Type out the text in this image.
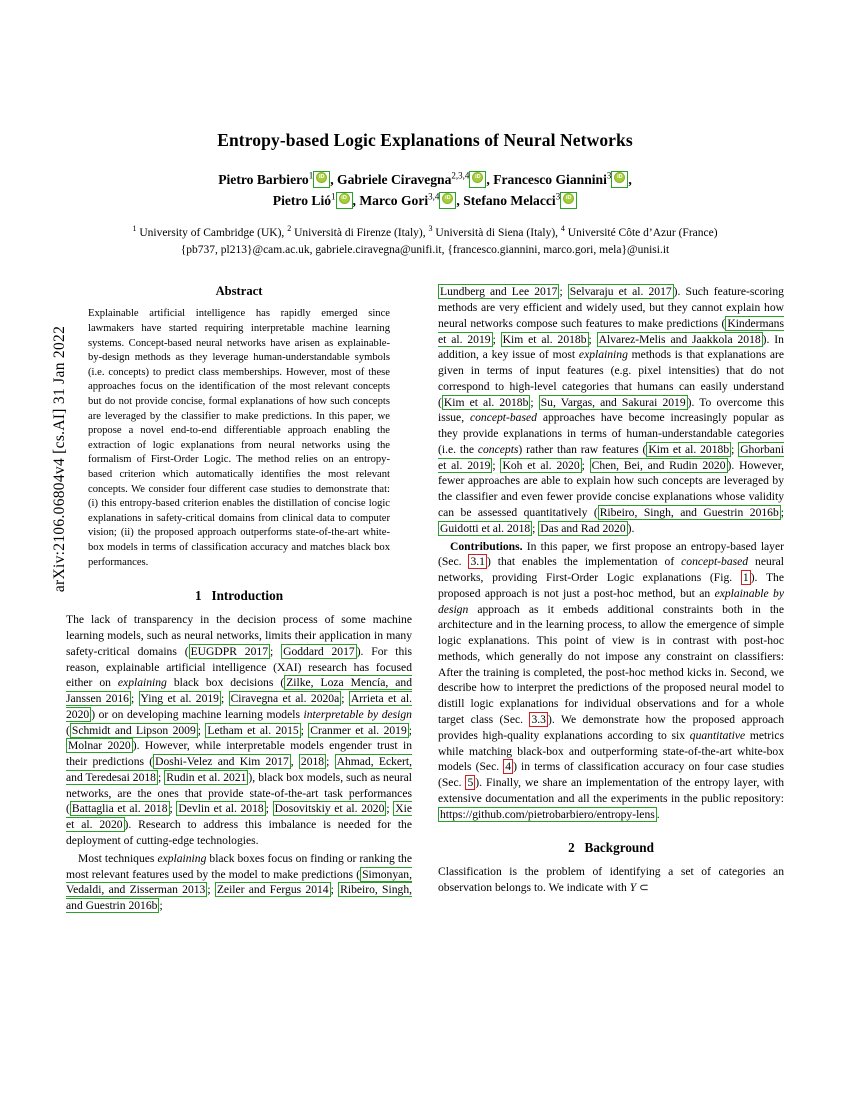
arXiv:2106.06804v4 [cs.AI] 31 Jan 2022
Entropy-based Logic Explanations of Neural Networks
Pietro Barbiero$^1$ iD , Gabriele Ciravegna$^{2,3,4}$ iD , Francesco Giannini$^3$ iD ,
Pietro Lió$^1$ iD , Marco Gori$^{3,4}$ iD , Stefano Melacci$^3$iD
$^1$ University of Cambridge (UK), $^2$ Università di Firenze (Italy), $^3$ Università di Siena (Italy), $^4$ Université Côte d’Azur (France)
{pb737, pl213}@cam.ac.uk, gabriele.ciravegna@unifi.it, {francesco.giannini, marco.gori, mela}@unisi.it
Abstract
Explainable artificial intelligence has rapidly emerged since lawmakers have started requiring interpretable machine learning systems. Concept-based neural networks have arisen as explainable-by-design methods as they leverage human-understandable symbols (i.e. concepts) to predict class memberships. However, most of these approaches focus on the identification of the most relevant concepts but do not provide concise, formal explanations of how such concepts are leveraged by the classifier to make predictions. In this paper, we propose a novel end-to-end differentiable approach enabling the extraction of logic explanations from neural networks using the formalism of First-Order Logic. The method relies on an entropy-based criterion which automatically identifies the most relevant concepts. We consider four different case studies to demonstrate that: (i) this entropy-based criterion enables the distillation of concise logic explanations in safety-critical domains from clinical data to computer vision; (ii) the proposed approach outperforms state-of-the-art white-box models in terms of classification accuracy and matches black box performances.
1 Introduction

The lack of transparency in the decision process of some machine learning models, such as neural networks, limits their application in many safety-critical domains ( EUGDPR 2017 ; Goddard 2017 ). For this reason, explainable artificial intelligence (XAI) research has focused either on explaining black box decisions ( Zilke, Loza Mencía, and Janssen 2016 ; Ying et al. 2019 ; Ciravegna et al. 2020a ; Arrieta et al. 2020 ) or on developing machine learning models interpretable by design ( Schmidt and Lipson 2009 ; Letham et al. 2015 ; Cranmer et al. 2019 ; Molnar 2020 ). However, while interpretable models engender trust in their predictions ( Doshi-Velez and Kim 2017 , 2018 ; Ahmad, Eckert, and Teredesai 2018 ; Rudin et al. 2021 ), black box models, such as neural networks, are the ones that provide state-of-the-art task performances ( Battaglia et al. 2018 ; Devlin et al. 2018 ; Dosovitskiy et al. 2020 ; Xie et al. 2020 ). Research to address this imbalance is needed for the deployment of cutting-edge technologies.

Most techniques explaining black boxes focus on finding or ranking the most relevant features used by the model to make predictions ( Simonyan, Vedaldi, and Zisserman 2013 ; Zeiler and Fergus 2014 ; Ribeiro, Singh, and Guestrin 2016b ;

Lundberg and Lee 2017 ; Selvaraju et al. 2017 ). Such feature-scoring methods are very efficient and widely used, but they cannot explain how neural networks compose such features to make predictions ( Kindermans et al. 2019 ; Kim et al. 2018b ; Alvarez-Melis and Jaakkola 2018 ). In addition, a key issue of most explaining methods is that explanations are given in terms of input features (e.g. pixel intensities) that do not correspond to high-level categories that humans can easily understand ( Kim et al. 2018b ; Su, Vargas, and Sakurai 2019 ). To overcome this issue, concept-based approaches have become increasingly popular as they provide explanations in terms of human-understandable categories (i.e. the concepts) rather than raw features ( Kim et al. 2018b ; Ghorbani et al. 2019 ; Koh et al. 2020 ; Chen, Bei, and Rudin 2020 ). However, fewer approaches are able to explain how such concepts are leveraged by the classifier and even fewer provide concise explanations whose validity can be assessed quantitatively ( Ribeiro, Singh, and Guestrin 2016b ; Guidotti et al. 2018 ; Das and Rad 2020 ).

Contributions. In this paper, we first propose an entropy-based layer (Sec. 3.1 ) that enables the implementation of concept-based neural networks, providing First-Order Logic explanations (Fig. 1 ). The proposed approach is not just a post-hoc method, but an explainable by design approach as it embeds additional constraints both in the architecture and in the learning process, to allow the emergence of simple logic explanations. This point of view is in contrast with post-hoc methods, which generally do not impose any constraint on classifiers: After the training is completed, the post-hoc method kicks in. Second, we describe how to interpret the predictions of the proposed neural model to distill logic explanations for individual observations and for a whole target class (Sec. 3.3 ). We demonstrate how the proposed approach provides high-quality explanations according to six quantitative metrics while matching black-box and outperforming state-of-the-art white-box models (Sec. 4 ) in terms of classification accuracy on four case studies (Sec. 5 ). Finally, we share an implementation of the entropy layer, with extensive documentation and all the experiments in the public repository: https://github.com/pietrobarbiero/entropy-lens .

2 Background

Classification is the problem of identifying a set of categories an observation belongs to. We indicate with Y ⊂
